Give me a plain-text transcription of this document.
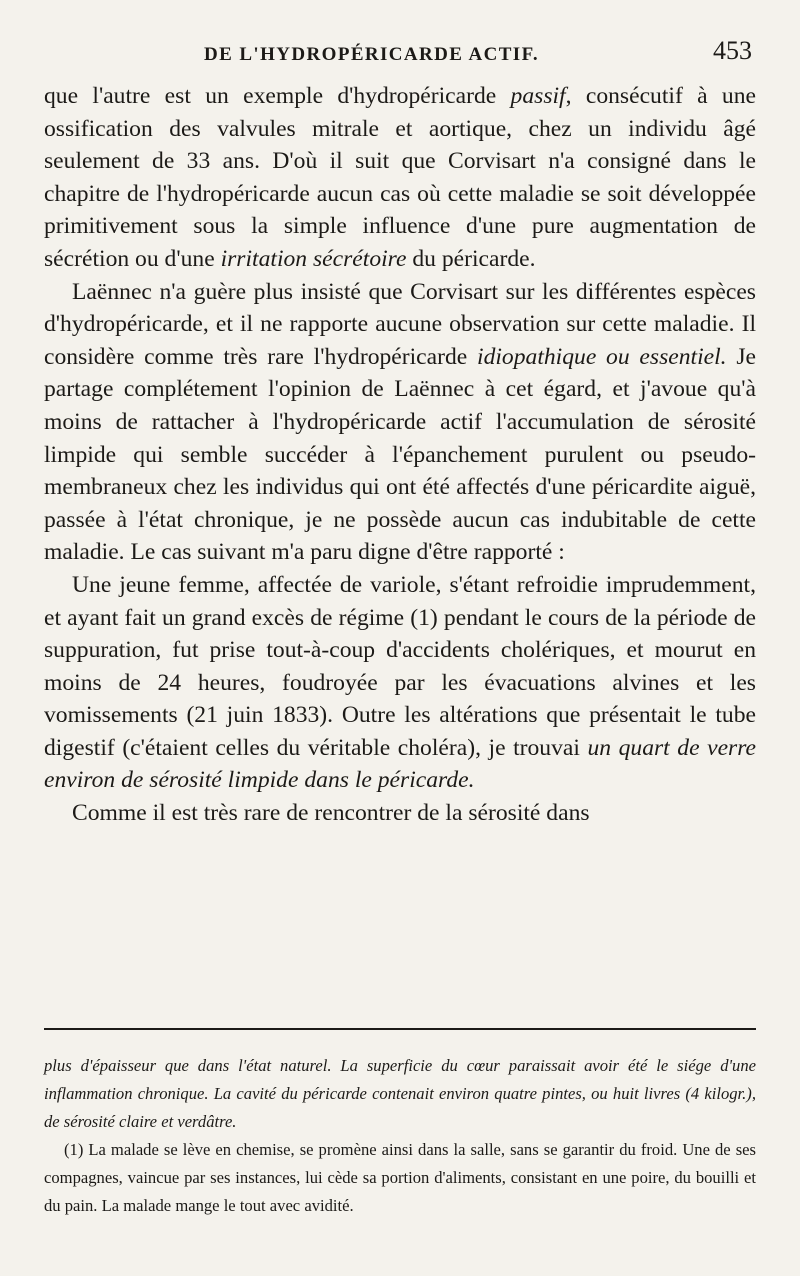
DE L'HYDROPÉRICARDE ACTIF.	453

que l'autre est un exemple d'hydropéricarde passif, consécutif à une ossification des valvules mitrale et aortique, chez un individu âgé seulement de 33 ans. D'où il suit que Corvisart n'a consigné dans le chapitre de l'hydropéricarde aucun cas où cette maladie se soit développée primitivement sous la simple influence d'une pure augmentation de sécrétion ou d'une irritation sécrétoire du péricarde.

Laënnec n'a guère plus insisté que Corvisart sur les différentes espèces d'hydropéricarde, et il ne rapporte aucune observation sur cette maladie. Il considère comme très rare l'hydropéricarde idiopathique ou essentiel. Je partage complétement l'opinion de Laënnec à cet égard, et j'avoue qu'à moins de rattacher à l'hydropéricarde actif l'accumulation de sérosité limpide qui semble succéder à l'épanchement purulent ou pseudo-membraneux chez les individus qui ont été affectés d'une péricardite aiguë, passée à l'état chronique, je ne possède aucun cas indubitable de cette maladie. Le cas suivant m'a paru digne d'être rapporté :

Une jeune femme, affectée de variole, s'étant refroidie imprudemment, et ayant fait un grand excès de régime (1) pendant le cours de la période de suppuration, fut prise tout-à-coup d'accidents cholériques, et mourut en moins de 24 heures, foudroyée par les évacuations alvines et les vomissements (21 juin 1833). Outre les altérations que présentait le tube digestif (c'étaient celles du véritable choléra), je trouvai un quart de verre environ de sérosité limpide dans le péricarde.

Comme il est très rare de rencontrer de la sérosité dans

plus d'épaisseur que dans l'état naturel. La superficie du cœur paraissait avoir été le siége d'une inflammation chronique. La cavité du péricarde contenait environ quatre pintes, ou huit livres (4 kilogr.), de sérosité claire et verdâtre.

(1) La malade se lève en chemise, se promène ainsi dans la salle, sans se garantir du froid. Une de ses compagnes, vaincue par ses instances, lui cède sa portion d'aliments, consistant en une poire, du bouilli et du pain. La malade mange le tout avec avidité.
